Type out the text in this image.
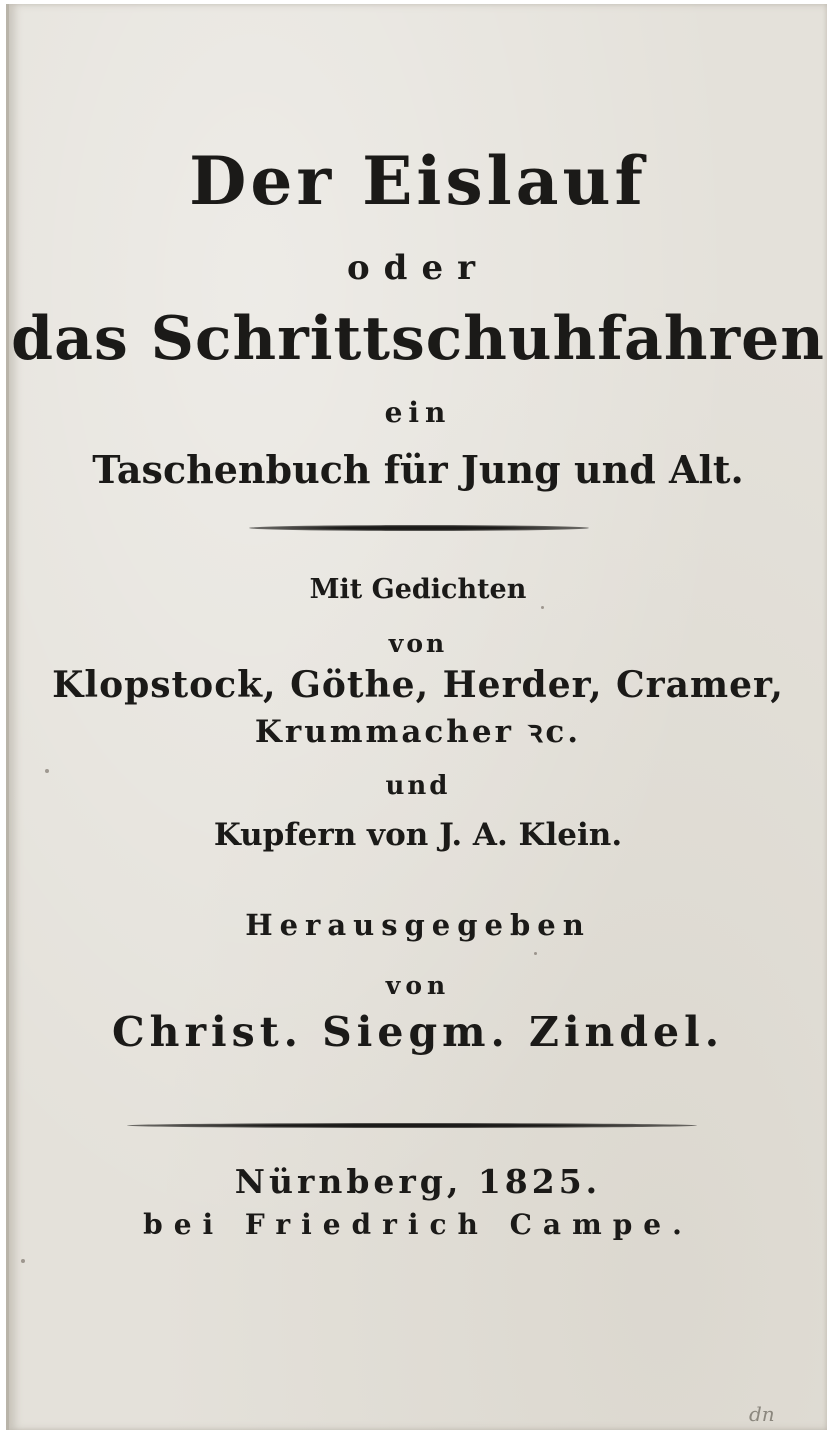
Der Eislauf

oder

das Schrittschuhfahren

ein

Taschenbuch für Jung und Alt.

Mit Gedichten

von

Klopstock, Göthe, Herder, Cramer,

Krummacher ꝛc.

und

Kupfern von J. A. Klein.

Herausgegeben

von

Christ. Siegm. Zindel.

Nürnberg, 1825.

bei Friedrich Campe.

dn
